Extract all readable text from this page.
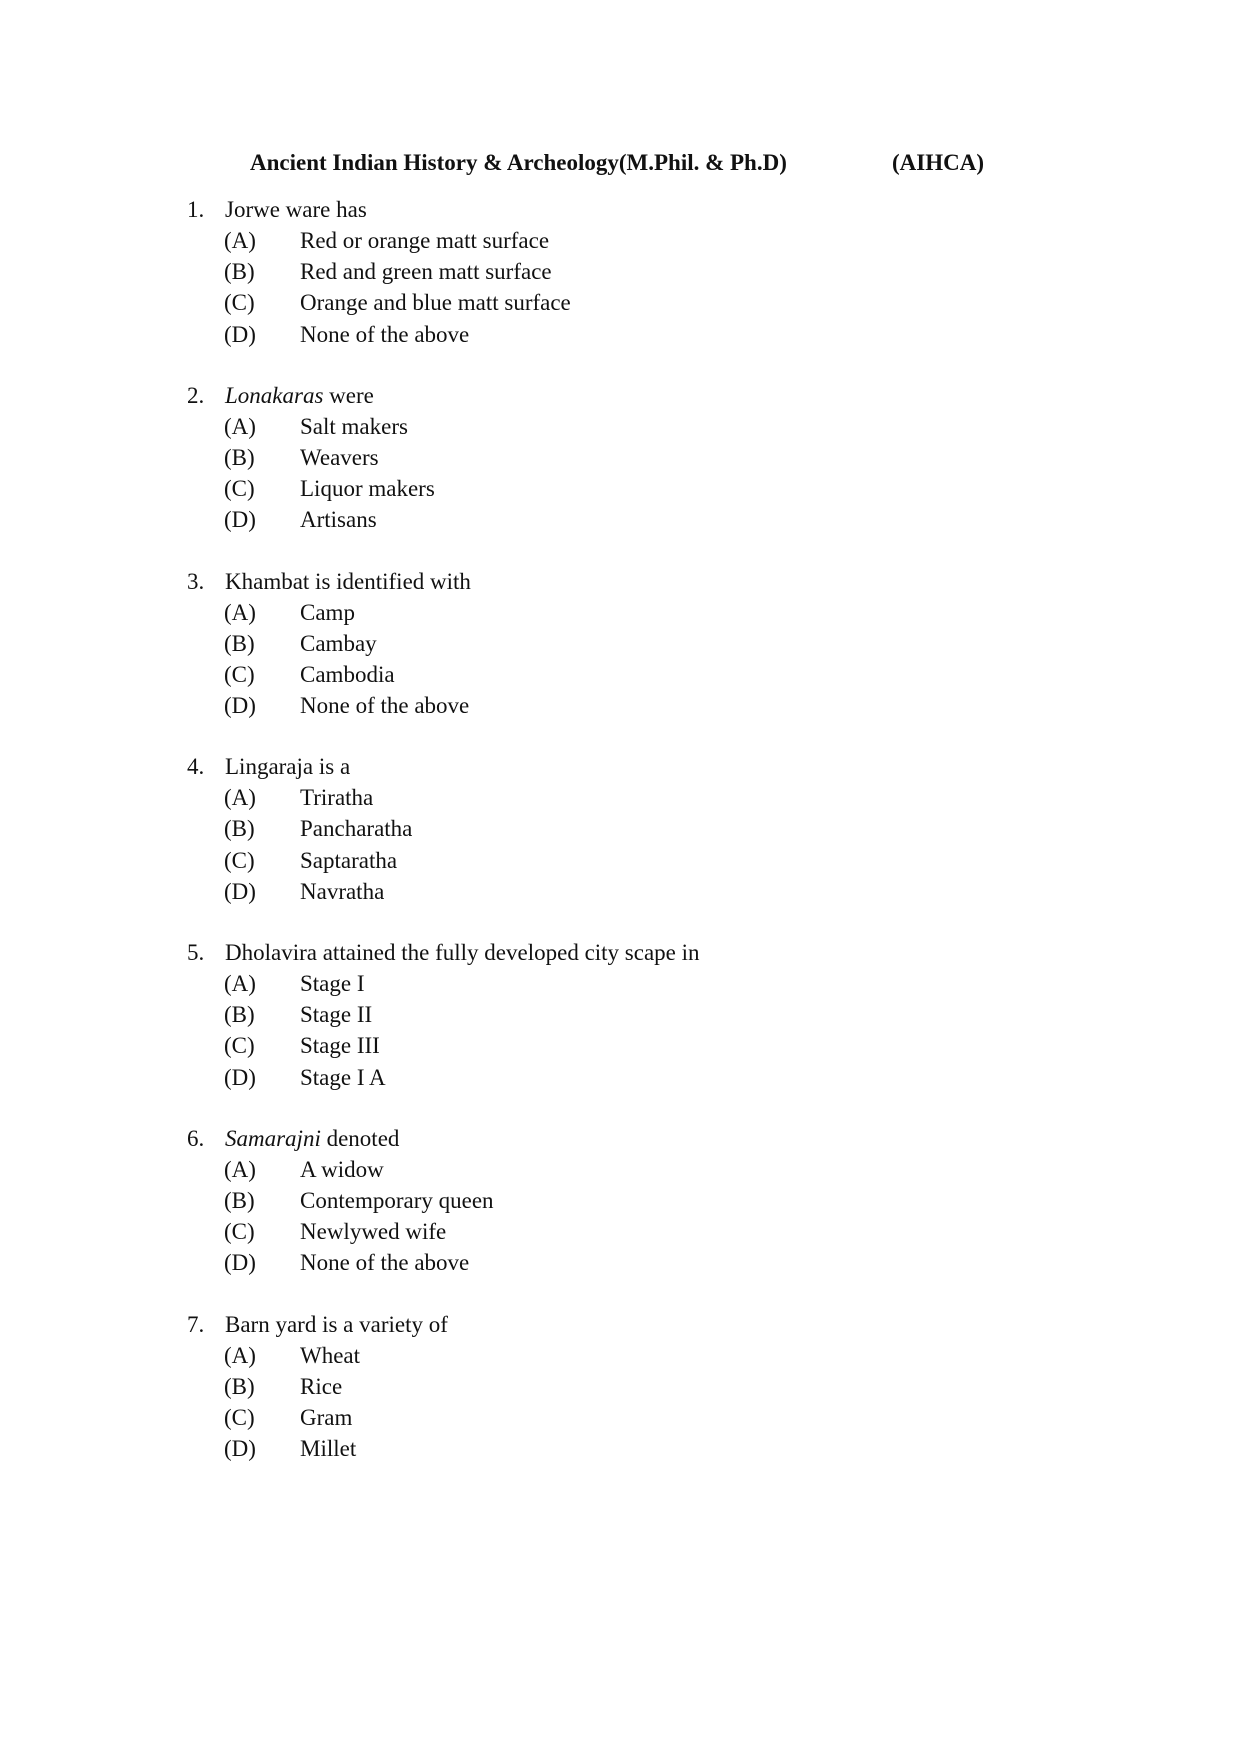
Ancient Indian History & Archeology(M.Phil. & Ph.D)	(AIHCA)
1. Jorwe ware has
(A) Red or orange matt surface
(B) Red and green matt surface
(C) Orange and blue matt surface
(D) None of the above
2. Lonakaras were
(A) Salt makers
(B) Weavers
(C) Liquor makers
(D) Artisans
3. Khambat is identified with
(A) Camp
(B) Cambay
(C) Cambodia
(D) None of the above
4. Lingaraja is a
(A) Triratha
(B) Pancharatha
(C) Saptaratha
(D) Navratha
5. Dholavira attained the fully developed city scape in
(A) Stage I
(B) Stage II
(C) Stage III
(D) Stage I A
6. Samarajni denoted
(A) A widow
(B) Contemporary queen
(C) Newlywed wife
(D) None of the above
7. Barn yard is a variety of
(A) Wheat
(B) Rice
(C) Gram
(D) Millet
